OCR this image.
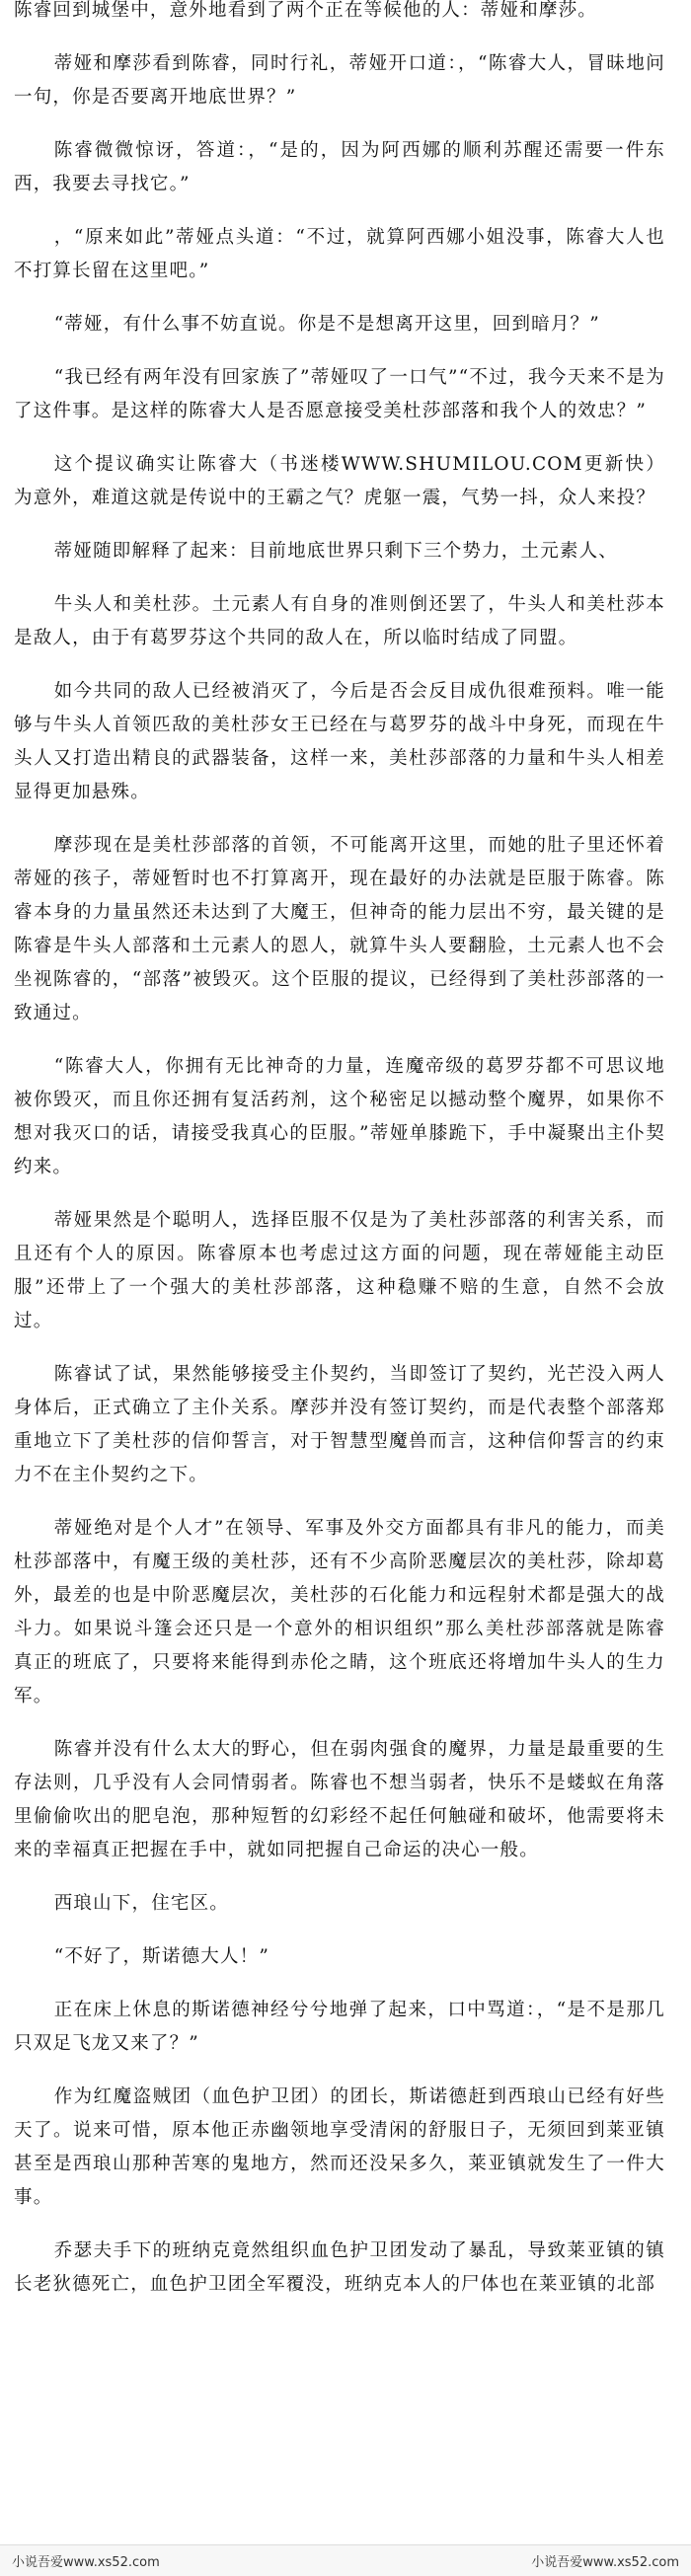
陈睿回到城堡中，意外地看到了两个正在等候他的人：蒂娅和摩莎。

蒂娅和摩莎看到陈睿，同时行礼，蒂娅开口道：，“陈睿大人，冒昧地问一句，你是否要离开地底世界？”

陈睿微微惊讶，答道：，“是的，因为阿西娜的顺利苏醒还需要一件东西，我要去寻找它。”

，“原来如此”蒂娅点头道：“不过，就算阿西娜小姐没事，陈睿大人也不打算长留在这里吧。”

“蒂娅，有什么事不妨直说。你是不是想离开这里，回到暗月？”

“我已经有两年没有回家族了”蒂娅叹了一口气”“不过，我今天来不是为了这件事。是这样的陈睿大人是否愿意接受美杜莎部落和我个人的效忠？”

这个提议确实让陈睿大（书迷楼WWW.SHUMILOU.COM更新快）为意外，难道这就是传说中的王霸之气？虎躯一震，气势一抖，众人来投？

蒂娅随即解释了起来：目前地底世界只剩下三个势力，土元素人、

牛头人和美杜莎。土元素人有自身的准则倒还罢了，牛头人和美杜莎本是敌人，由于有葛罗芬这个共同的敌人在，所以临时结成了同盟。

如今共同的敌人已经被消灭了，今后是否会反目成仇很难预料。唯一能够与牛头人首领匹敌的美杜莎女王已经在与葛罗芬的战斗中身死，而现在牛头人又打造出精良的武器装备，这样一来，美杜莎部落的力量和牛头人相差显得更加悬殊。

摩莎现在是美杜莎部落的首领，不可能离开这里，而她的肚子里还怀着蒂娅的孩子，蒂娅暂时也不打算离开，现在最好的办法就是臣服于陈睿。陈睿本身的力量虽然还未达到了大魔王，但神奇的能力层出不穷，最关键的是陈睿是牛头人部落和土元素人的恩人，就算牛头人要翻脸，土元素人也不会坐视陈睿的，“部落”被毁灭。这个臣服的提议，已经得到了美杜莎部落的一致通过。

“陈睿大人，你拥有无比神奇的力量，连魔帝级的葛罗芬都不可思议地被你毁灭，而且你还拥有复活药剂，这个秘密足以撼动整个魔界，如果你不想对我灭口的话，请接受我真心的臣服。”蒂娅单膝跪下，手中凝聚出主仆契约来。

蒂娅果然是个聪明人，选择臣服不仅是为了美杜莎部落的利害关系，而且还有个人的原因。陈睿原本也考虑过这方面的问题，现在蒂娅能主动臣服”还带上了一个强大的美杜莎部落，这种稳赚不赔的生意，自然不会放过。

陈睿试了试，果然能够接受主仆契约，当即签订了契约，光芒没入两人身体后，正式确立了主仆关系。摩莎并没有签订契约，而是代表整个部落郑重地立下了美杜莎的信仰誓言，对于智慧型魔兽而言，这种信仰誓言的约束力不在主仆契约之下。

蒂娅绝对是个人才”在领导、军事及外交方面都具有非凡的能力，而美杜莎部落中，有魔王级的美杜莎，还有不少高阶恶魔层次的美杜莎，除却葛外，最差的也是中阶恶魔层次，美杜莎的石化能力和远程射术都是强大的战斗力。如果说斗篷会还只是一个意外的相识组织”那么美杜莎部落就是陈睿真正的班底了，只要将来能得到赤伦之睛，这个班底还将增加牛头人的生力军。

陈睿并没有什么太大的野心，但在弱肉强食的魔界，力量是最重要的生存法则，几乎没有人会同情弱者。陈睿也不想当弱者，快乐不是蝼蚁在角落里偷偷吹出的肥皂泡，那种短暂的幻彩经不起任何触碰和破坏，他需要将未来的幸福真正把握在手中，就如同把握自己命运的决心一般。

西琅山下，住宅区。

“不好了，斯诺德大人！”

正在床上休息的斯诺德神经兮兮地弹了起来，口中骂道：，“是不是那几只双足飞龙又来了？”

作为红魔盗贼团（血色护卫团）的团长，斯诺德赶到西琅山已经有好些天了。说来可惜，原本他正赤幽领地享受清闲的舒服日子，无须回到莱亚镇甚至是西琅山那种苦寒的鬼地方，然而还没呆多久，莱亚镇就发生了一件大事。

乔瑟夫手下的班纳克竟然组织血色护卫团发动了暴乱，导致莱亚镇的镇长老狄德死亡，血色护卫团全军覆没，班纳克本人的尸体也在莱亚镇的北部

小说吾爱www.xs52.com	小说吾爱www.xs52.com
